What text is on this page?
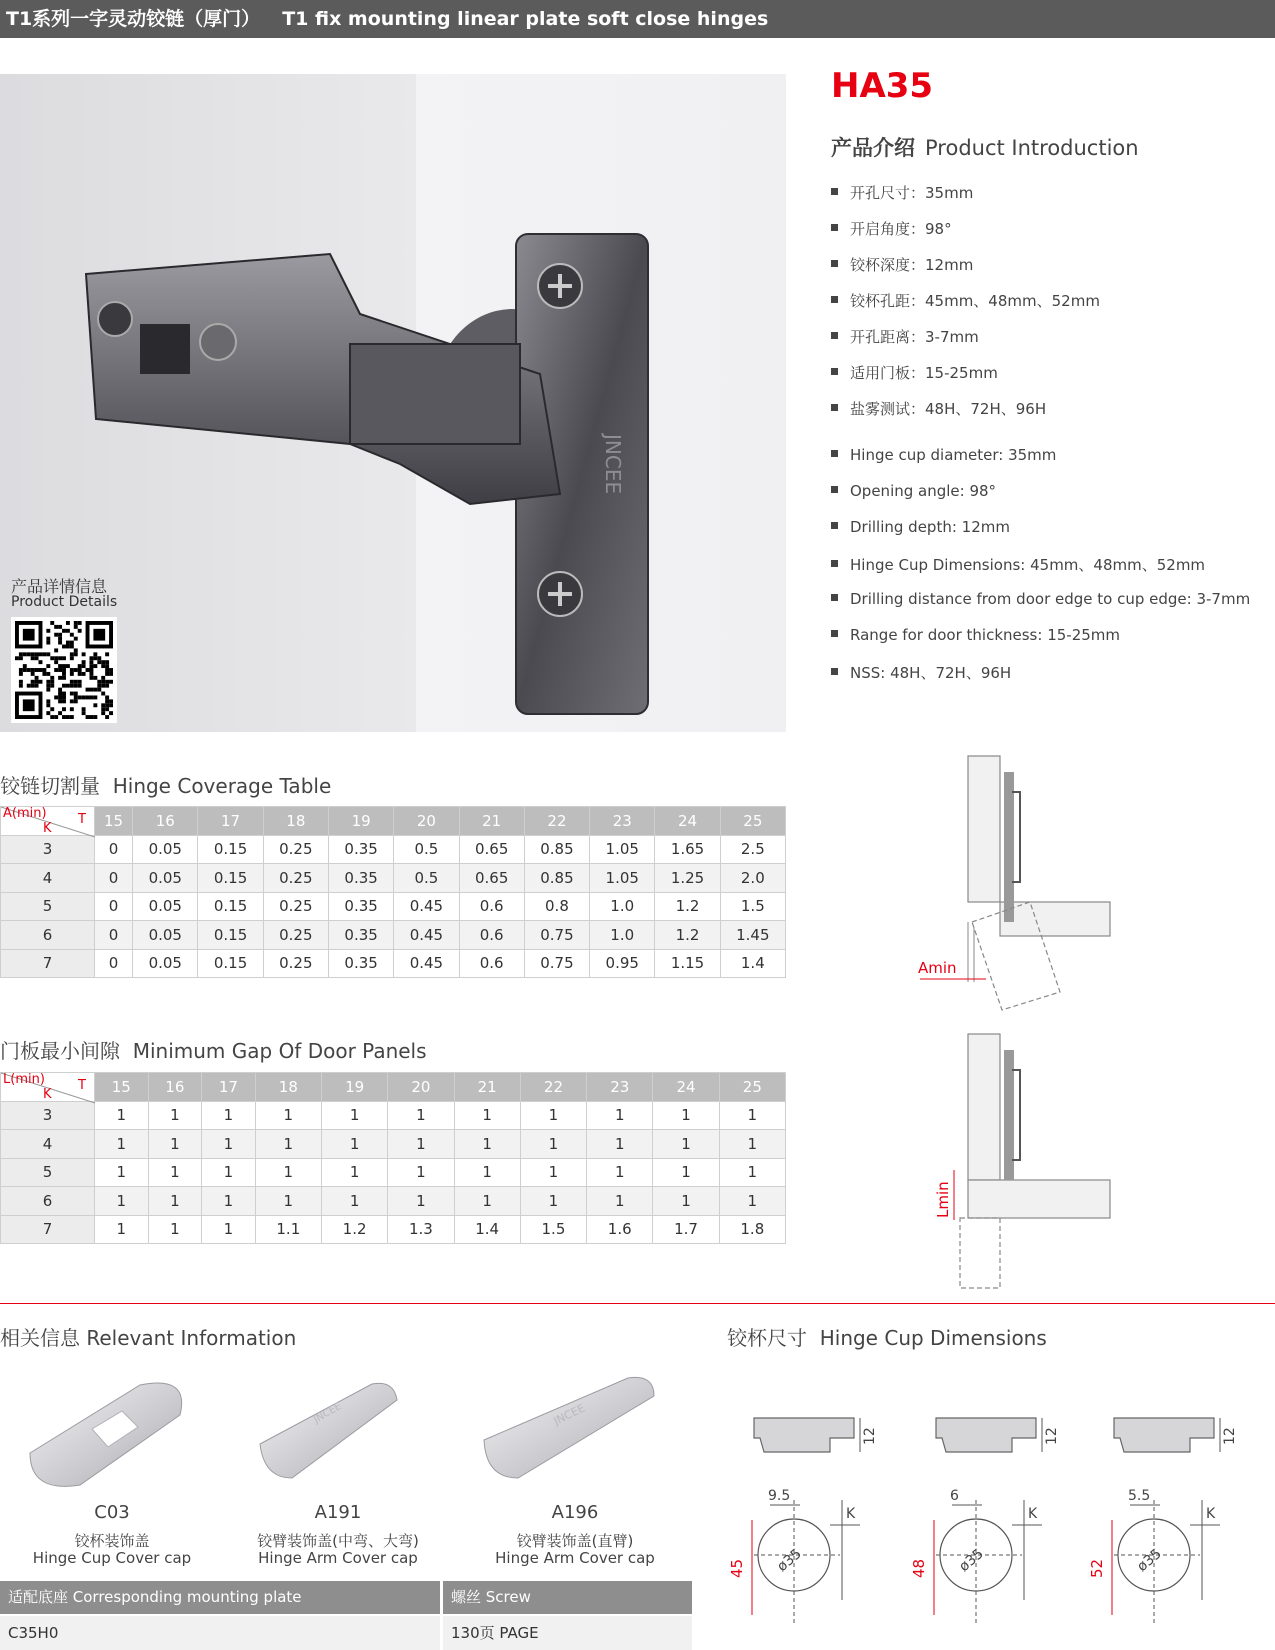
T1系列一字灵动铰链（厚门） T1 fix mounting linear plate soft close hinges
JNCEE
产品详情信息
Product Details
HA35
产品介绍 Product Introduction
开孔尺寸：35mm
开启角度：98°
铰杯深度：12mm
铰杯孔距：45mm、48mm、52mm
开孔距离：3-7mm
适用门板：15-25mm
盐雾测试：48H、72H、96H
Hinge cup diameter: 35mm
Opening angle: 98°
Drilling depth: 12mm
Hinge Cup Dimensions: 45mm、48mm、52mm
Drilling distance from door edge to cup edge: 3-7mm
Range for door thickness: 15-25mm
NSS: 48H、72H、96H
铰链切割量 Hinge Coverage Table
A(min) T
K	15	16	17	18	19	20	21	22	23	24	25
3	0	0.05	0.15	0.25	0.35	0.5	0.65	0.85	1.05	1.65	2.5
4	0	0.05	0.15	0.25	0.35	0.5	0.65	0.85	1.05	1.25	2.0
5	0	0.05	0.15	0.25	0.35	0.45	0.6	0.8	1.0	1.2	1.5
6	0	0.05	0.15	0.25	0.35	0.45	0.6	0.75	1.0	1.2	1.45
7	0	0.05	0.15	0.25	0.35	0.45	0.6	0.75	0.95	1.15	1.4	Amin
门板最小间隙 Minimum Gap Of Door Panels
L(min) T
K	15	16	17	18	19	20	21	22	23	24	25
3	1	1	1	1	1	1	1	1	1	1	1
4	1	1	1	1	1	1	1	1	1	1	1
5	1	1	1	1	1	1	1	1	1	1	1
6	1	1	1	1	1	1	1	1	1	1	1
7	1	1	1	1.1	1.2	1.3	1.4	1.5	1.6	1.7	1.8
Lmin
相关信息 Relevant Information
JNCEE	JNCEE
C03
铰杯装饰盖
Hinge Cup Cover cap
A191
铰臂装饰盖(中弯、大弯)
Hinge Arm Cover cap
A196
铰臂装饰盖(直臂)
Hinge Arm Cover cap
适配底座 Corresponding mounting plate	螺丝 Screw
C35H0	130页 PAGE
铰杯尺寸 Hinge Cup Dimensions
12
9.5
K
45 ø35
12
6
K
48 ø35
12
5.5
K
52 ø35
